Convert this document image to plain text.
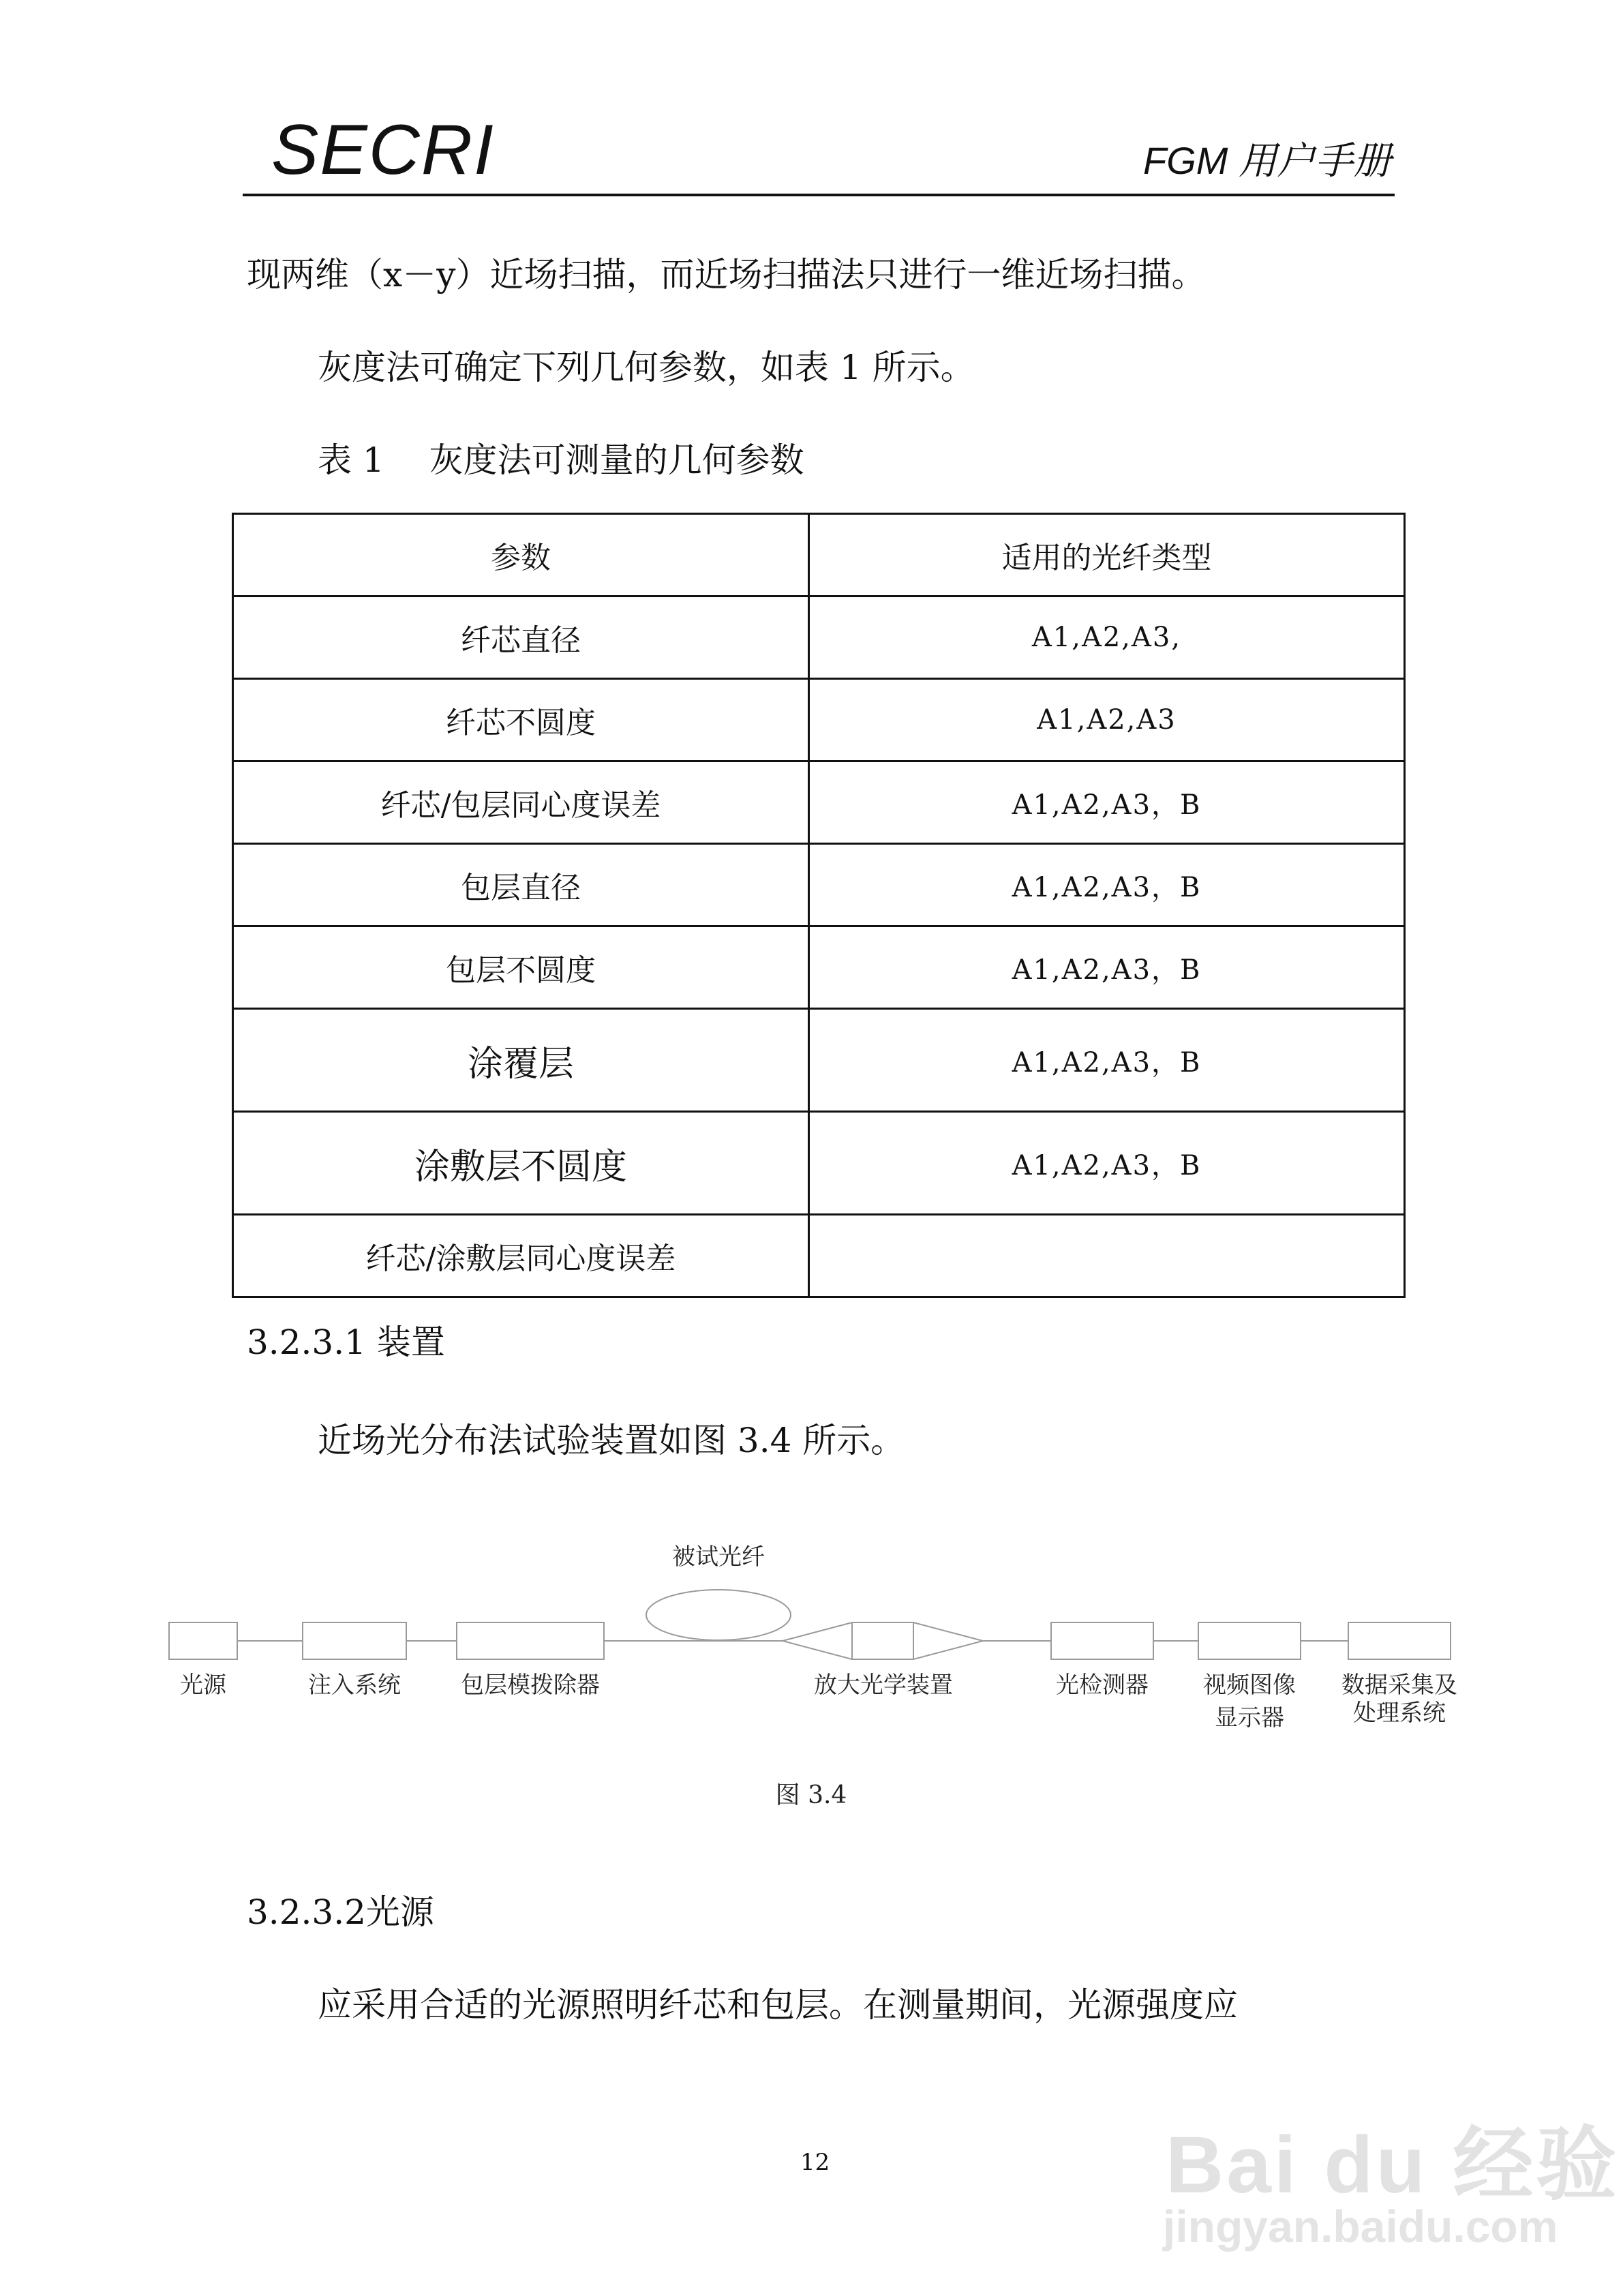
SECRI	FGM 用户手册
现两维（x－y）近场扫描，而近场扫描法只进行一维近场扫描。
灰度法可确定下列几何参数，如表 1 所示。
表 1　 灰度法可测量的几何参数
参数	适用的光纤类型
纤芯直径	A1,A2,A3,
纤芯不圆度	A1,A2,A3
纤芯/包层同心度误差	A1,A2,A3，B
包层直径	A1,A2,A3，B
包层不圆度	A1,A2,A3，B
涂覆层	A1,A2,A3，B
涂敷层不圆度	A1,A2,A3，B
纤芯/涂敷层同心度误差	
3.2.3.1 装置
近场光分布法试验装置如图 3.4 所示。
被试光纤
光源	注入系统	包层模拨除器	放大光学装置	光检测器 视频图像
显示器
数据采集及
处理系统
图 3.4
3.2.3.2光源
应采用合适的光源照明纤芯和包层。在测量期间，光源强度应
12	Bai du 经验
jingyan.baidu.com
